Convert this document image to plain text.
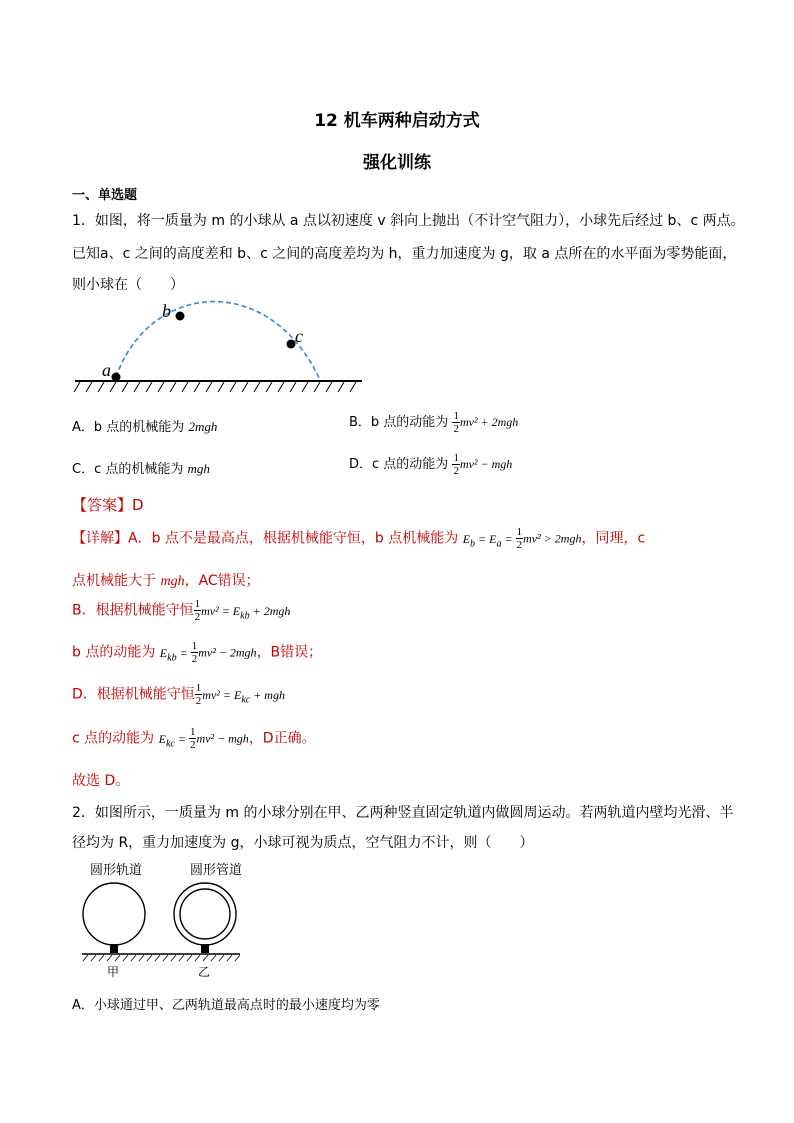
12 机车两种启动方式
强化训练
一、单选题
1．如图，将一质量为 m 的小球从 a 点以初速度 v 斜向上抛出（不计空气阻力），小球先后经过 b、c 两点。
已知a、c 之间的高度差和 b、c 之间的高度差均为 h，重力加速度为 g，取 a 点所在的水平面为零势能面，
则小球在（　　）
a
b
c
A．b 点的机械能为 2mgh	B．b 点的动能为 $\frac{1}{2} mv^2 + 2mgh$
C．c 点的机械能为 mgh	D．c 点的动能为 $\frac{1}{2} mv^2$ − mgh
【答案】D
【详解】A．b 点不是最高点，根据机械能守恒，b 点机械能为 $E_b = E_a = \frac{1}{2} mv^2 > 2mgh$，同理，c
点机械能大于 mgh，AC错误；
B．根据机械能守恒 $\frac{1}{2} mv^2 = E_{kb} + 2mgh$
b 点的动能为 $E_{kb} = \frac{1}{2} mv^2 - 2mgh$，B错误；
D．根据机械能守恒 $\frac{1}{2} mv^2 = E_{kc}$ + mgh
c 点的动能为 $E_{kc} = \frac{1}{2} mv^2$ − mgh，D正确。
故选 D。
2．如图所示，一质量为 m 的小球分别在甲、乙两种竖直固定轨道内做圆周运动。若两轨道内壁均光滑、半
径均为 R，重力加速度为 g，小球可视为质点，空气阻力不计，则（　　）
圆形轨道	圆形管道
甲	乙
A．小球通过甲、乙两轨道最高点时的最小速度均为零
